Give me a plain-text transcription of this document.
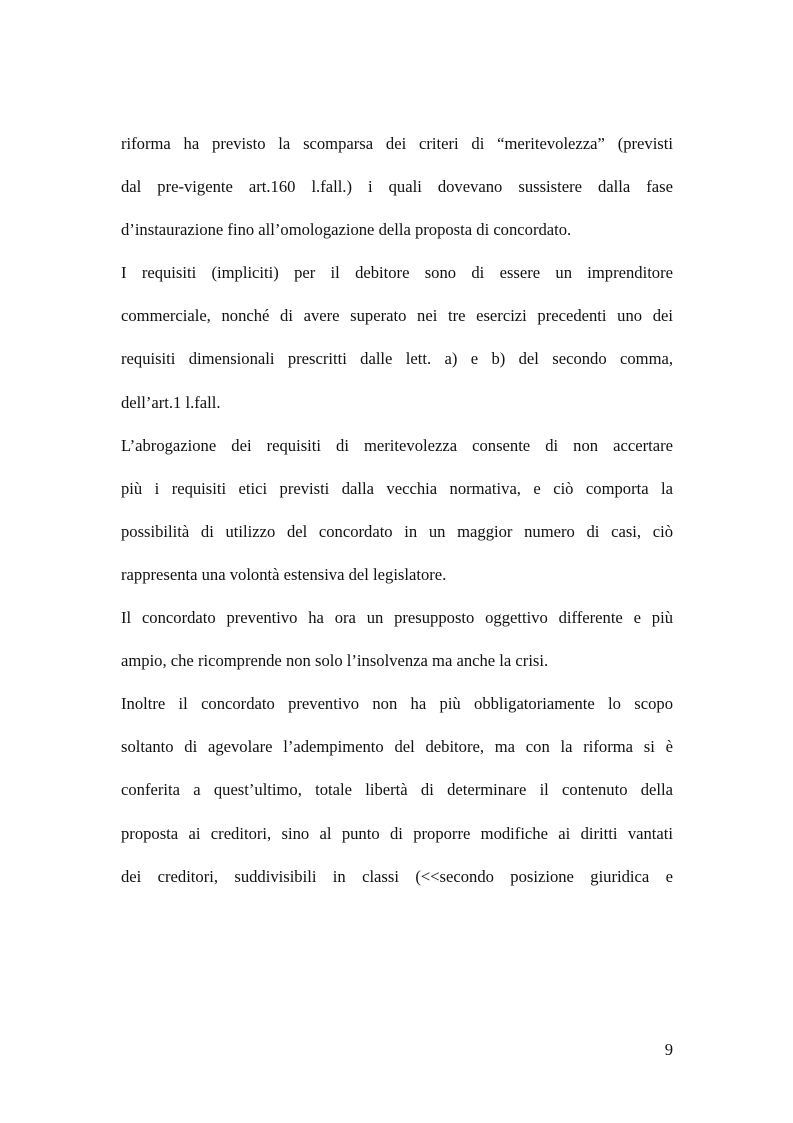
riforma ha previsto la scomparsa dei criteri di “meritevolezza” (previsti
dal pre-vigente art.160 l.fall.) i quali dovevano sussistere dalla fase
d’instaurazione fino all’omologazione della proposta di concordato.
I requisiti (impliciti) per il debitore sono di essere un imprenditore
commerciale, nonché di avere superato nei tre esercizi precedenti uno dei
requisiti dimensionali prescritti dalle lett. a) e b) del secondo comma,
dell’art.1 l.fall.
L’abrogazione dei requisiti di meritevolezza consente di non accertare
più i requisiti etici previsti dalla vecchia normativa, e ciò comporta la
possibilità di utilizzo del concordato in un maggior numero di casi, ciò
rappresenta una volontà estensiva del legislatore.
Il concordato preventivo ha ora un presupposto oggettivo differente e più
ampio, che ricomprende non solo l’insolvenza ma anche la crisi.
Inoltre il concordato preventivo non ha più obbligatoriamente lo scopo
soltanto di agevolare l’adempimento del debitore, ma con la riforma si è
conferita a quest’ultimo, totale libertà di determinare il contenuto della
proposta ai creditori, sino al punto di proporre modifiche ai diritti vantati
dei creditori, suddivisibili in classi (<<secondo posizione giuridica e
9
